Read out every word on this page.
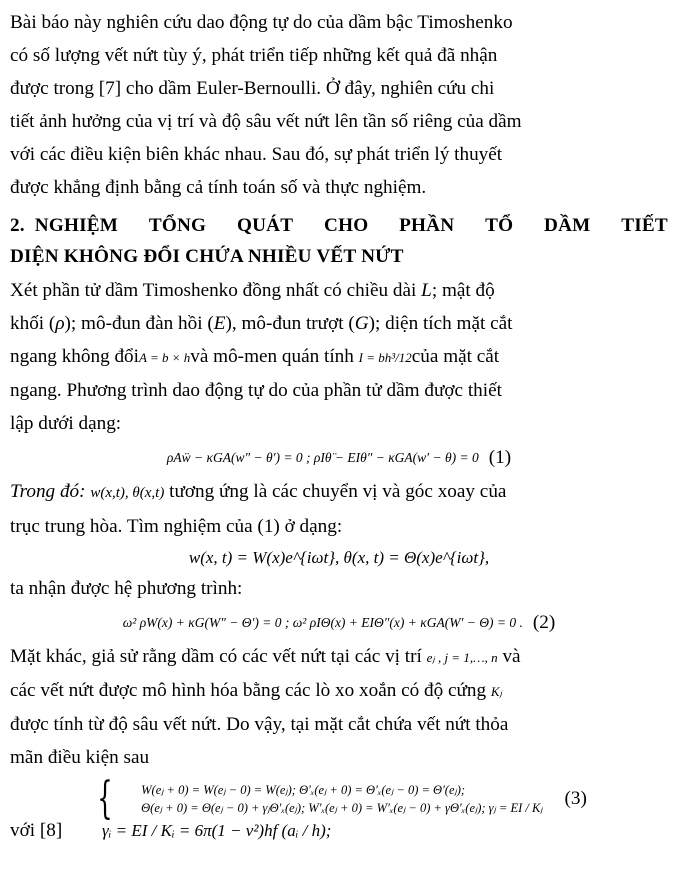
Bài báo này nghiên cứu dao động tự do của dầm bậc Timoshenko
có số lượng vết nứt tùy ý, phát triển tiếp những kết quả đã nhận
được trong [7] cho dầm Euler-Bernoulli. Ở đây, nghiên cứu chi
tiết ảnh hưởng của vị trí và độ sâu vết nứt lên tần số riêng của dầm
với các điều kiện biên khác nhau. Sau đó, sự phát triển lý thuyết
được khẳng định bằng cả tính toán số và thực nghiệm.

2. NGHIỆM TỔNG QUÁT CHO PHẦN TỔ DẦM TIẾT
DIỆN KHÔNG ĐỔI CHỨA NHIỀU VẾT NỨT

Xét phần tử dầm Timoshenko đồng nhất có chiều dài L; mật độ
khối (ρ); mô-đun đàn hồi (E), mô-đun trượt (G); diện tích mặt cắt
ngang không đổiA = b × hvà mô-men quán tính I = bh³/12của mặt cắt
ngang. Phương trình dao động tự do của phần tử dầm được thiết
lập dưới dạng:

ρAẅ − κGA(w″ − θ′) = 0 ; ρIθ̈ − EIθ″ − κGA(w′ − θ) = 0 (1)

Trong đó: w(x,t), θ(x,t) tương ứng là các chuyển vị và góc xoay của
trục trung hòa. Tìm nghiệm của (1) ở dạng:

w(x, t) = W(x)e^{iωt}, θ(x, t) = Θ(x)e^{iωt},

ta nhận được hệ phương trình:

ω² ρW(x) + κG(W″ − Θ′) = 0 ; ω² ρIΘ(x) + EIΘ″(x) + κGA(W′ − Θ) = 0 . (2)

Mặt khác, giả sử rằng dầm có các vết nứt tại các vị trí eⱼ , j = 1,…, n và
các vết nứt được mô hình hóa bằng các lò xo xoắn có độ cứng Kⱼ
được tính từ độ sâu vết nứt. Do vậy, tại mặt cắt chứa vết nứt thỏa
mãn điều kiện sau

{ W(eⱼ + 0) = W(eⱼ − 0) = W(eⱼ); Θ′ₓ(eⱼ + 0) = Θ′ₓ(eⱼ − 0) = Θ′(eⱼ);
Θ(eⱼ + 0) = Θ(eⱼ − 0) + γⱼΘ′ₓ(eⱼ); W′ₓ(eⱼ + 0) = W′ₓ(eⱼ − 0) + γΘ′ₓ(eⱼ); γⱼ = EI / Kⱼ (3)
với [8]	γᵢ = EI / Kᵢ = 6π(1 − ν²)hf (aᵢ / h);
